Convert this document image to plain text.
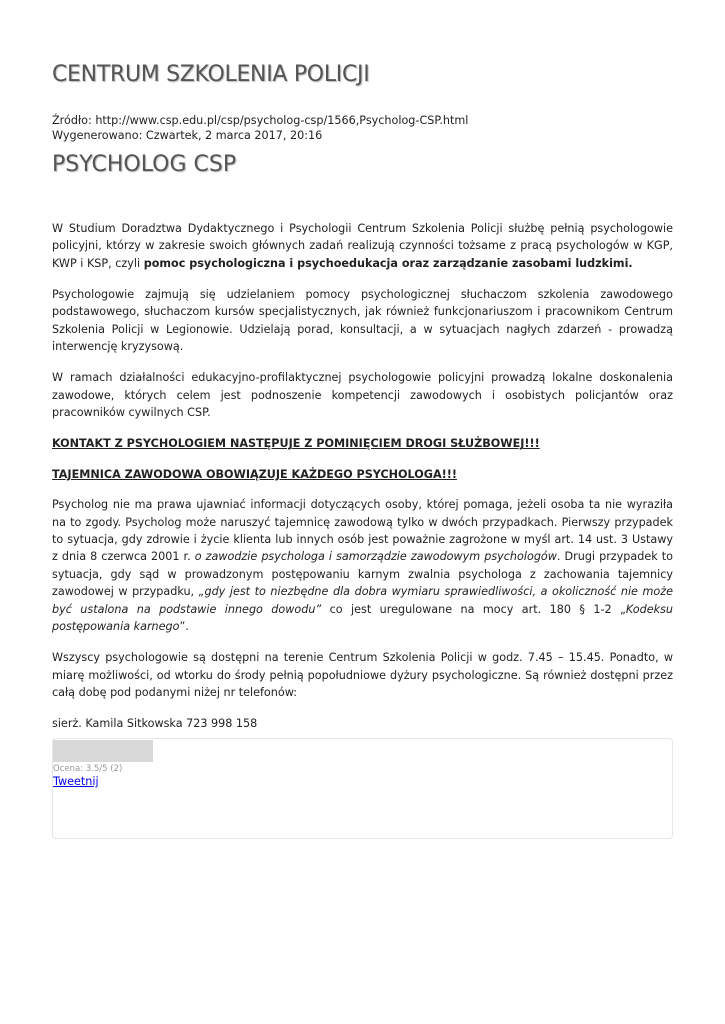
CENTRUM SZKOLENIA POLICJI
Źródło: http://www.csp.edu.pl/csp/psycholog-csp/1566,Psycholog-CSP.html
Wygenerowano: Czwartek, 2 marca 2017, 20:16
PSYCHOLOG CSP

W Studium Doradztwa Dydaktycznego i Psychologii Centrum Szkolenia Policji służbę pełnią psychologowie policyjni, którzy w zakresie swoich głównych zadań realizują czynności tożsame z pracą psychologów w KGP, KWP i KSP, czyli pomoc psychologiczna i psychoedukacja oraz zarządzanie zasobami ludzkimi.

Psychologowie zajmują się udzielaniem pomocy psychologicznej słuchaczom szkolenia zawodowego podstawowego, słuchaczom kursów specjalistycznych, jak również funkcjonariuszom i pracownikom Centrum Szkolenia Policji w Legionowie. Udzielają porad, konsultacji, a w sytuacjach nagłych zdarzeń - prowadzą interwencję kryzysową.

W ramach działalności edukacyjno-profilaktycznej psychologowie policyjni prowadzą lokalne doskonalenia zawodowe, których celem jest podnoszenie kompetencji zawodowych i osobistych policjantów oraz pracowników cywilnych CSP.

KONTAKT Z PSYCHOLOGIEM NASTĘPUJE Z POMINIĘCIEM DROGI SŁUŻBOWEJ!!!

TAJEMNICA ZAWODOWA OBOWIĄZUJE KAŻDEGO PSYCHOLOGA!!!

Psycholog nie ma prawa ujawniać informacji dotyczących osoby, której pomaga, jeżeli osoba ta nie wyraziła na to zgody. Psycholog może naruszyć tajemnicę zawodową tylko w dwóch przypadkach. Pierwszy przypadek to sytuacja, gdy zdrowie i życie klienta lub innych osób jest poważnie zagrożone w myśl art. 14 ust. 3 Ustawy z dnia 8 czerwca 2001 r. o zawodzie psychologa i samorządzie zawodowym psychologów. Drugi przypadek to sytuacja, gdy sąd w prowadzonym postępowaniu karnym zwalnia psychologa z zachowania tajemnicy zawodowej w przypadku, „gdy jest to niezbędne dla dobra wymiaru sprawiedliwości, a okoliczność nie może być ustalona na podstawie innego dowodu” co jest uregulowane na mocy art. 180 § 1-2 „Kodeksu postępowania karnego”.

Wszyscy psychologowie są dostępni na terenie Centrum Szkolenia Policji w godz. 7.45 – 15.45. Ponadto, w miarę możliwości, od wtorku do środy pełnią popołudniowe dyżury psychologiczne. Są również dostępni przez całą dobę pod podanymi niżej nr telefonów:

sierż. Kamila Sitkowska 723 998 158

Ocena: 3.5/5 (2)
Tweetnij
